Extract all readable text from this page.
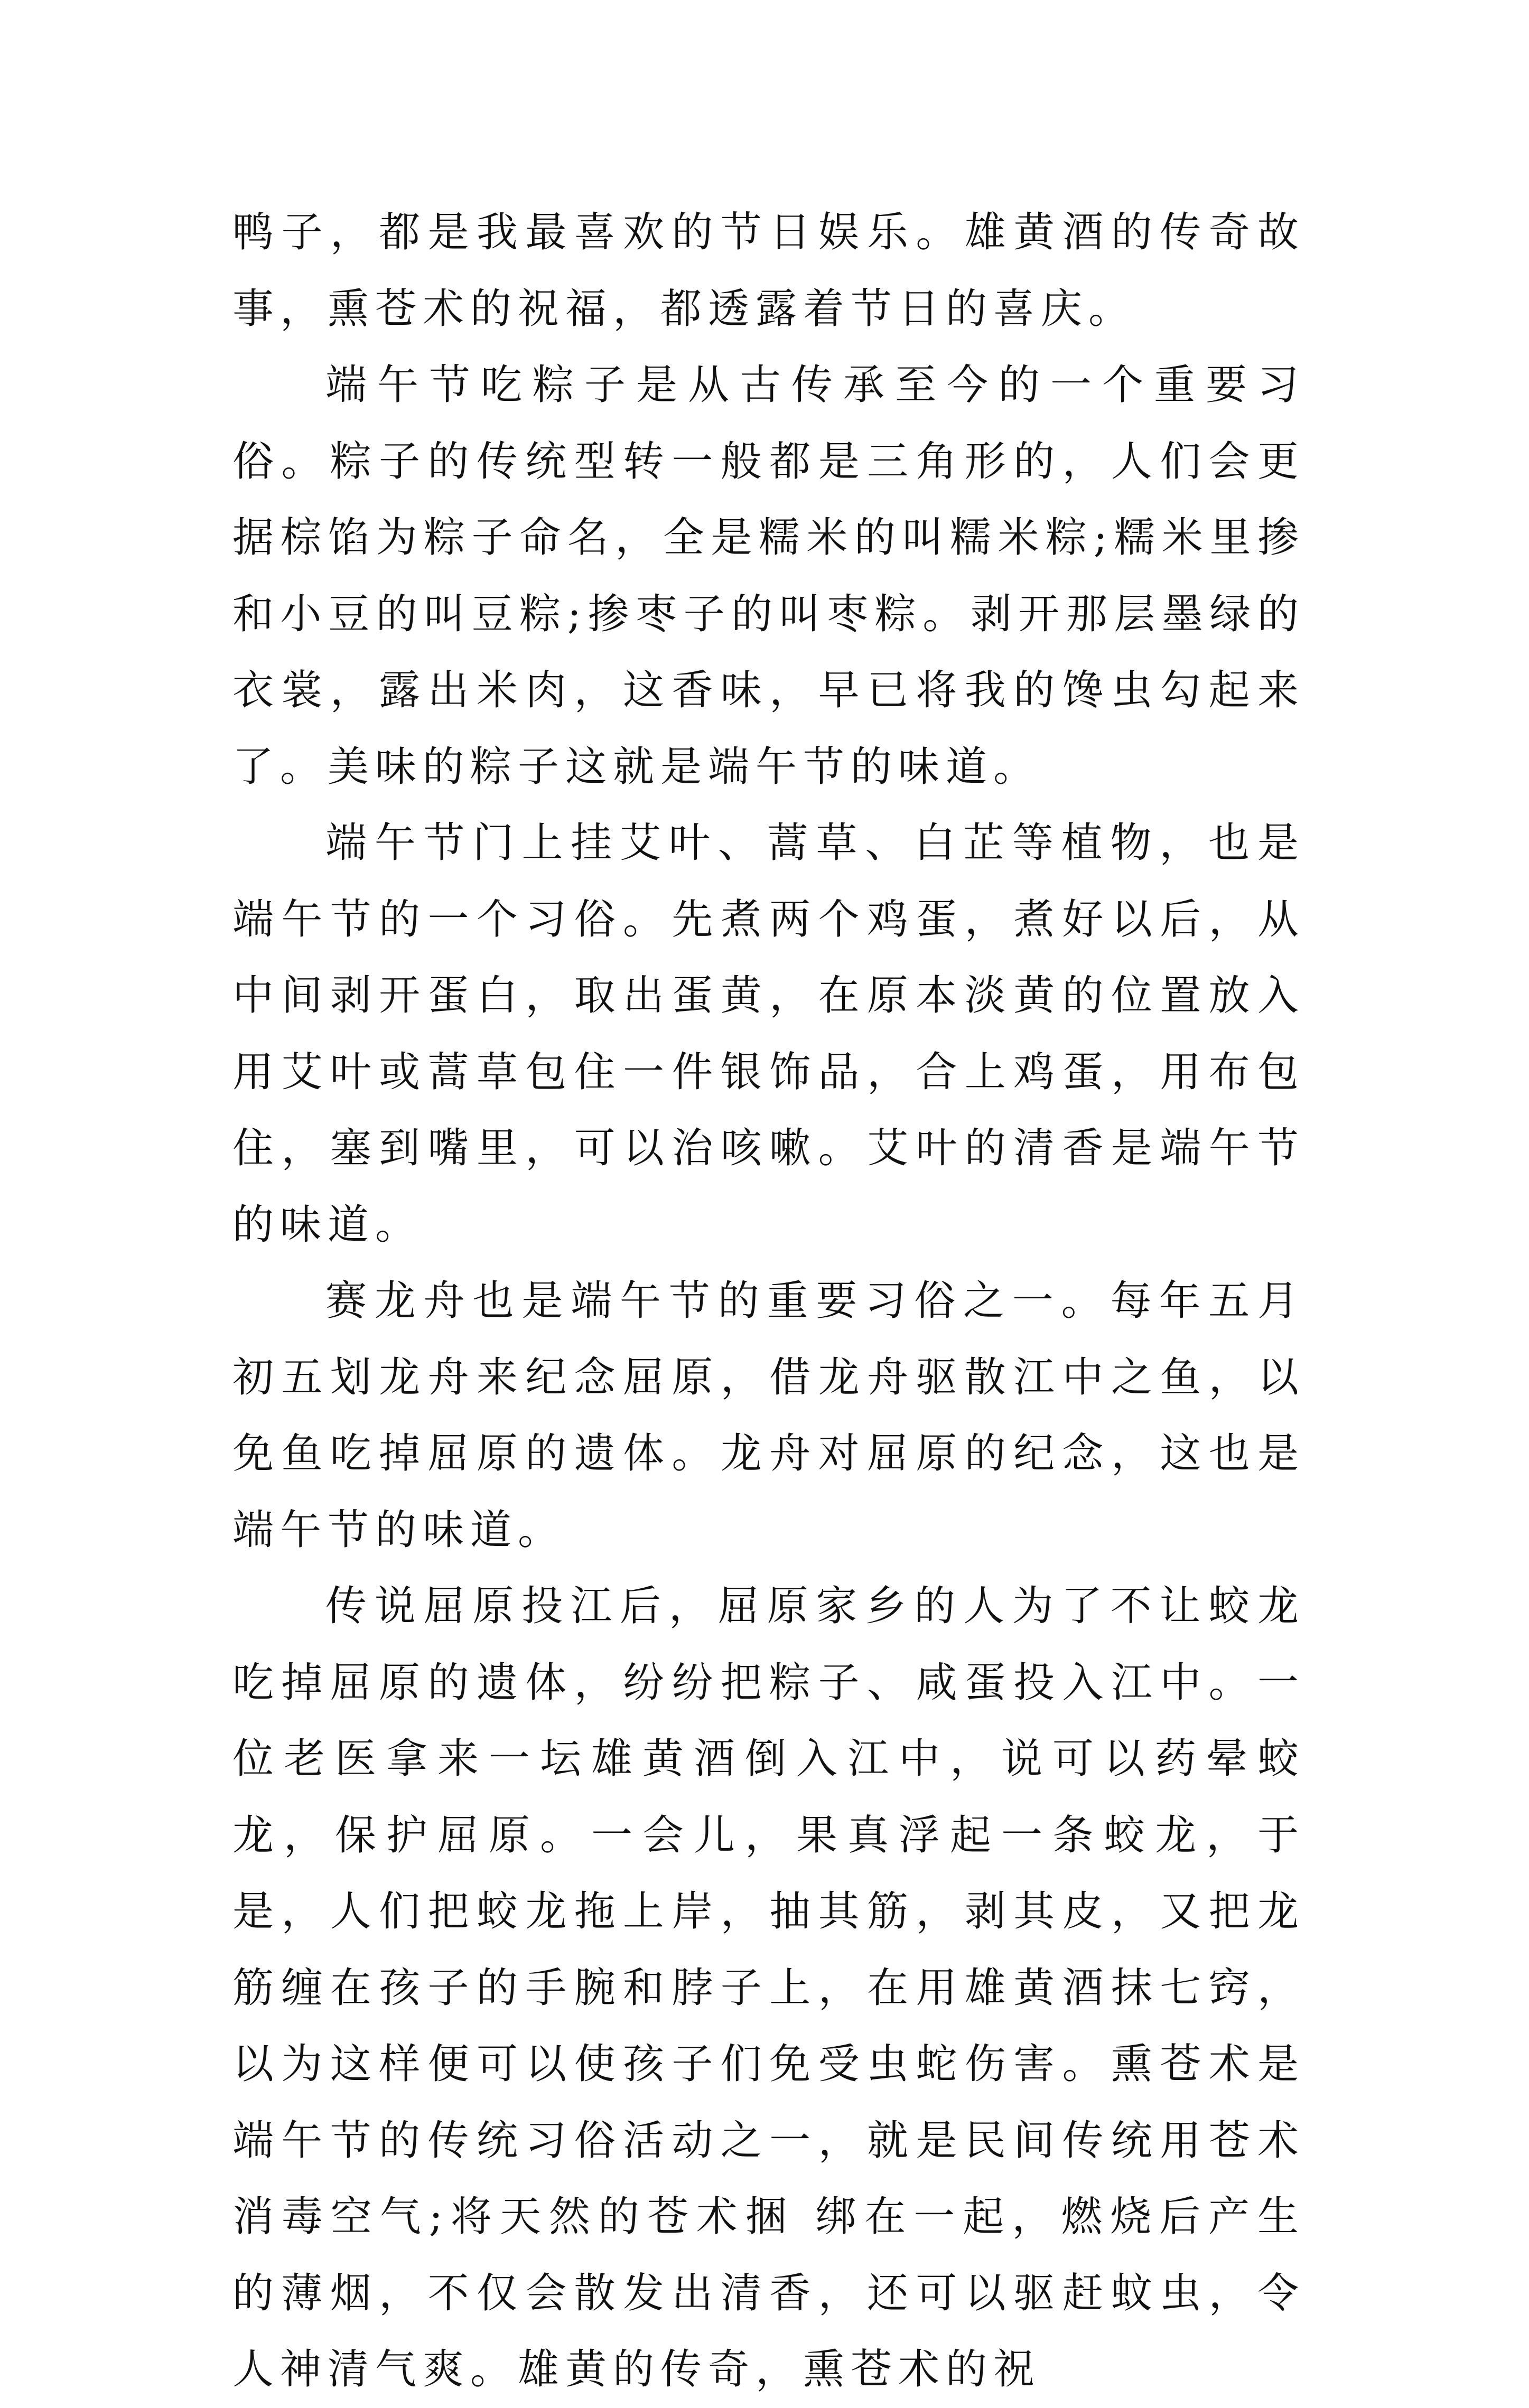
鸭子，都是我最喜欢的节日娱乐。雄黄酒的传奇故事，熏苍术的祝福，都透露着节日的喜庆。

端午节吃粽子是从古传承至今的一个重要习俗。粽子的传统型转一般都是三角形的，人们会更据棕馅为粽子命名，全是糯米的叫糯米粽;糯米里掺和小豆的叫豆粽;掺枣子的叫枣粽。剥开那层墨绿的衣裳，露出米肉，这香味，早已将我的馋虫勾起来了。美味的粽子这就是端午节的味道。

端午节门上挂艾叶、蒿草、白芷等植物，也是端午节的一个习俗。先煮两个鸡蛋，煮好以后，从中间剥开蛋白，取出蛋黄，在原本淡黄的位置放入用艾叶或蒿草包住一件银饰品，合上鸡蛋，用布包住，塞到嘴里，可以治咳嗽。艾叶的清香是端午节的味道。

赛龙舟也是端午节的重要习俗之一。每年五月初五划龙舟来纪念屈原，借龙舟驱散江中之鱼，以免鱼吃掉屈原的遗体。龙舟对屈原的纪念，这也是端午节的味道。

传说屈原投江后，屈原家乡的人为了不让蛟龙吃掉屈原的遗体，纷纷把粽子、咸蛋投入江中。一位老医拿来一坛雄黄酒倒入江中，说可以药晕蛟龙，保护屈原。一会儿，果真浮起一条蛟龙，于是，人们把蛟龙拖上岸，抽其筋，剥其皮，又把龙筋缠在孩子的手腕和脖子上，在用雄黄酒抹七窍，以为这样便可以使孩子们免受虫蛇伤害。熏苍术是端午节的传统习俗活动之一，就是民间传统用苍术消毒空气;将天然的苍术捆 绑在一起，燃烧后产生的薄烟，不仅会散发出清香，还可以驱赶蚊虫，令人神清气爽。雄黄的传奇，熏苍术的祝
